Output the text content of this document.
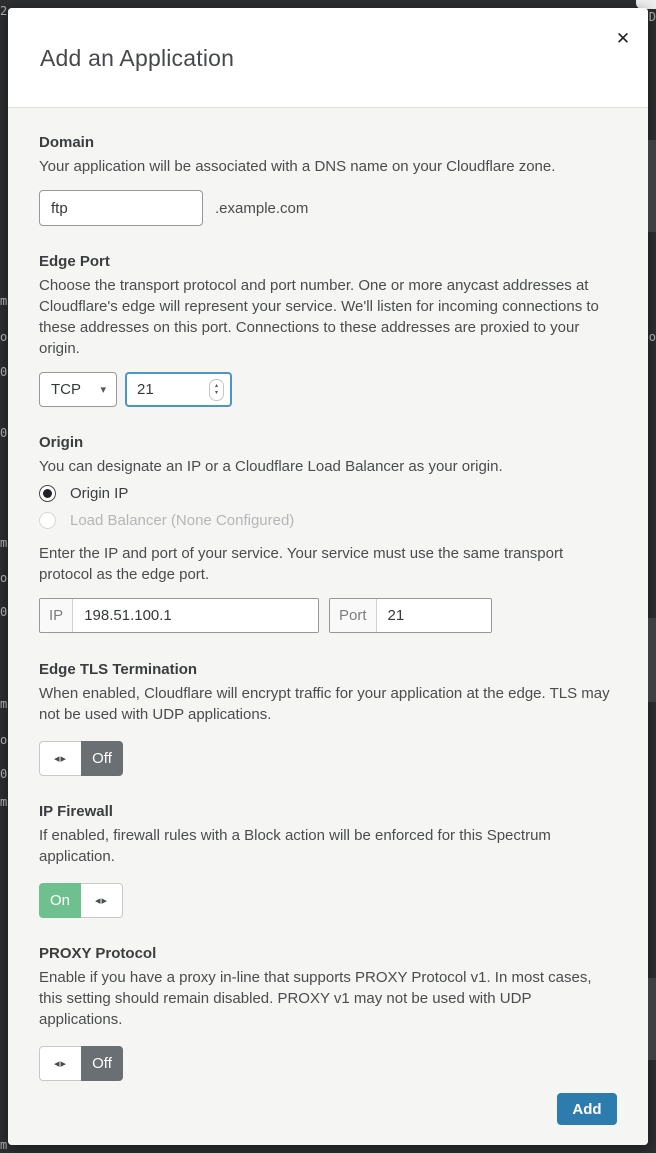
Add an Application
✕
Domain
Your application will be associated with a DNS name on your Cloudflare zone.
ftp
.example.com
Edge Port
Choose the transport protocol and port number. One or more anycast addresses at Cloudflare's edge will represent your service. We'll listen for incoming connections to these addresses on this port. Connections to these addresses are proxied to your origin.
TCP ▾ 21	▴
▾
Origin
You can designate an IP or a Cloudflare Load Balancer as your origin.
Origin IP
Load Balancer (None Configured)
Enter the IP and port of your service. Your service must use the same transport protocol as the edge port.
IP
198.51.100.1	Port
21
Edge TLS Termination
When enabled, Cloudflare will encrypt traffic for your application at the edge. TLS may not be used with UDP applications.
◂▸	Off
IP Firewall
If enabled, firewall rules with a Block action will be enforced for this Spectrum application.
On	◂▸
PROXY Protocol
Enable if you have a proxy in-line that supports PROXY Protocol v1. In most cases, this setting should remain disabled. PROXY v1 may not be used with UDP applications.
◂▸	Off
Add
2
m
o
0
0
m
o
0
m
o
0
m
m
D
o
